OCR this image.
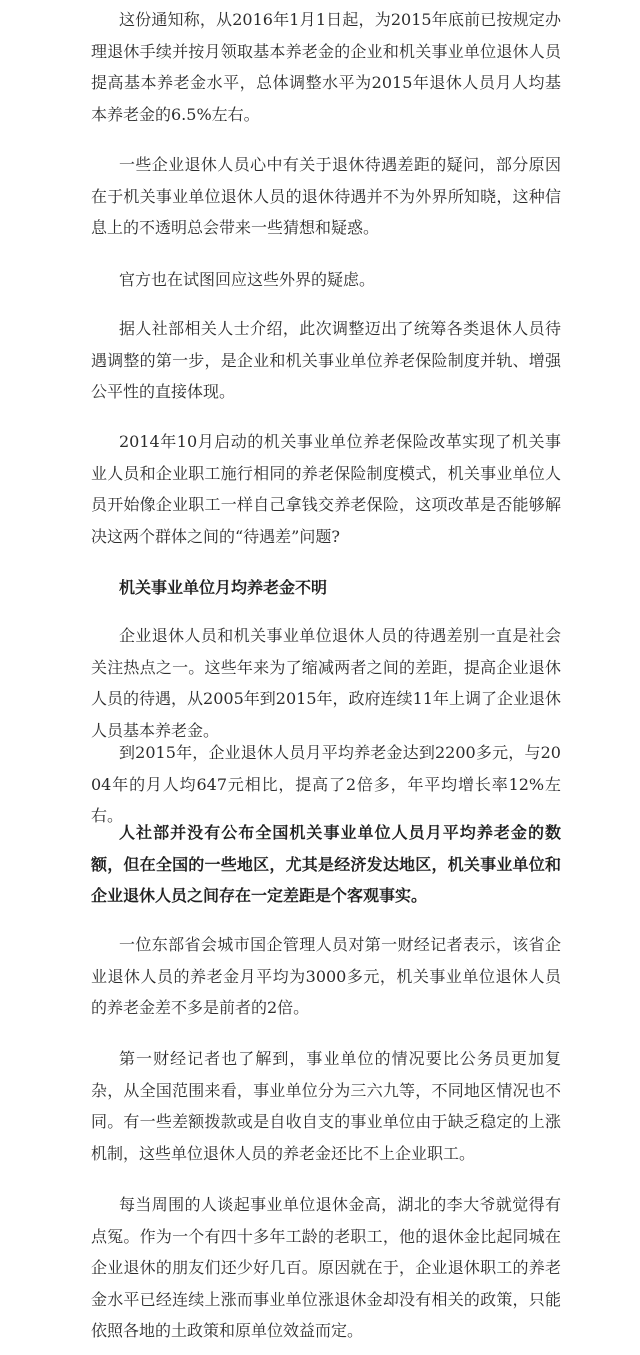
这份通知称，从2016年1月1日起，为2015年底前已按规定办理退休手续并按月领取基本养老金的企业和机关事业单位退休人员提高基本养老金水平，总体调整水平为2015年退休人员月人均基本养老金的6.5%左右。

一些企业退休人员心中有关于退休待遇差距的疑问，部分原因在于机关事业单位退休人员的退休待遇并不为外界所知晓，这种信息上的不透明总会带来一些猜想和疑惑。

官方也在试图回应这些外界的疑虑。

据人社部相关人士介绍，此次调整迈出了统筹各类退休人员待遇调整的第一步，是企业和机关事业单位养老保险制度并轨、增强公平性的直接体现。

2014年10月启动的机关事业单位养老保险改革实现了机关事业人员和企业职工施行相同的养老保险制度模式，机关事业单位人员开始像企业职工一样自己拿钱交养老保险，这项改革是否能够解决这两个群体之间的“待遇差”问题?

机关事业单位月均养老金不明

企业退休人员和机关事业单位退休人员的待遇差别一直是社会关注热点之一。这些年来为了缩减两者之间的差距，提高企业退休人员的待遇，从2005年到2015年，政府连续11年上调了企业退休人员基本养老金。

到2015年，企业退休人员月平均养老金达到2200多元，与2004年的月人均647元相比，提高了2倍多，年平均增长率12%左右。

人社部并没有公布全国机关事业单位人员月平均养老金的数额，但在全国的一些地区，尤其是经济发达地区，机关事业单位和企业退休人员之间存在一定差距是个客观事实。

一位东部省会城市国企管理人员对第一财经记者表示，该省企业退休人员的养老金月平均为3000多元，机关事业单位退休人员的养老金差不多是前者的2倍。

第一财经记者也了解到，事业单位的情况要比公务员更加复杂，从全国范围来看，事业单位分为三六九等，不同地区情况也不同。有一些差额拨款或是自收自支的事业单位由于缺乏稳定的上涨机制，这些单位退休人员的养老金还比不上企业职工。

每当周围的人谈起事业单位退休金高，湖北的李大爷就觉得有点冤。作为一个有四十多年工龄的老职工，他的退休金比起同城在企业退休的朋友们还少好几百。原因就在于，企业退休职工的养老金水平已经连续上涨而事业单位涨退休金却没有相关的政策，只能依照各地的土政策和原单位效益而定。
